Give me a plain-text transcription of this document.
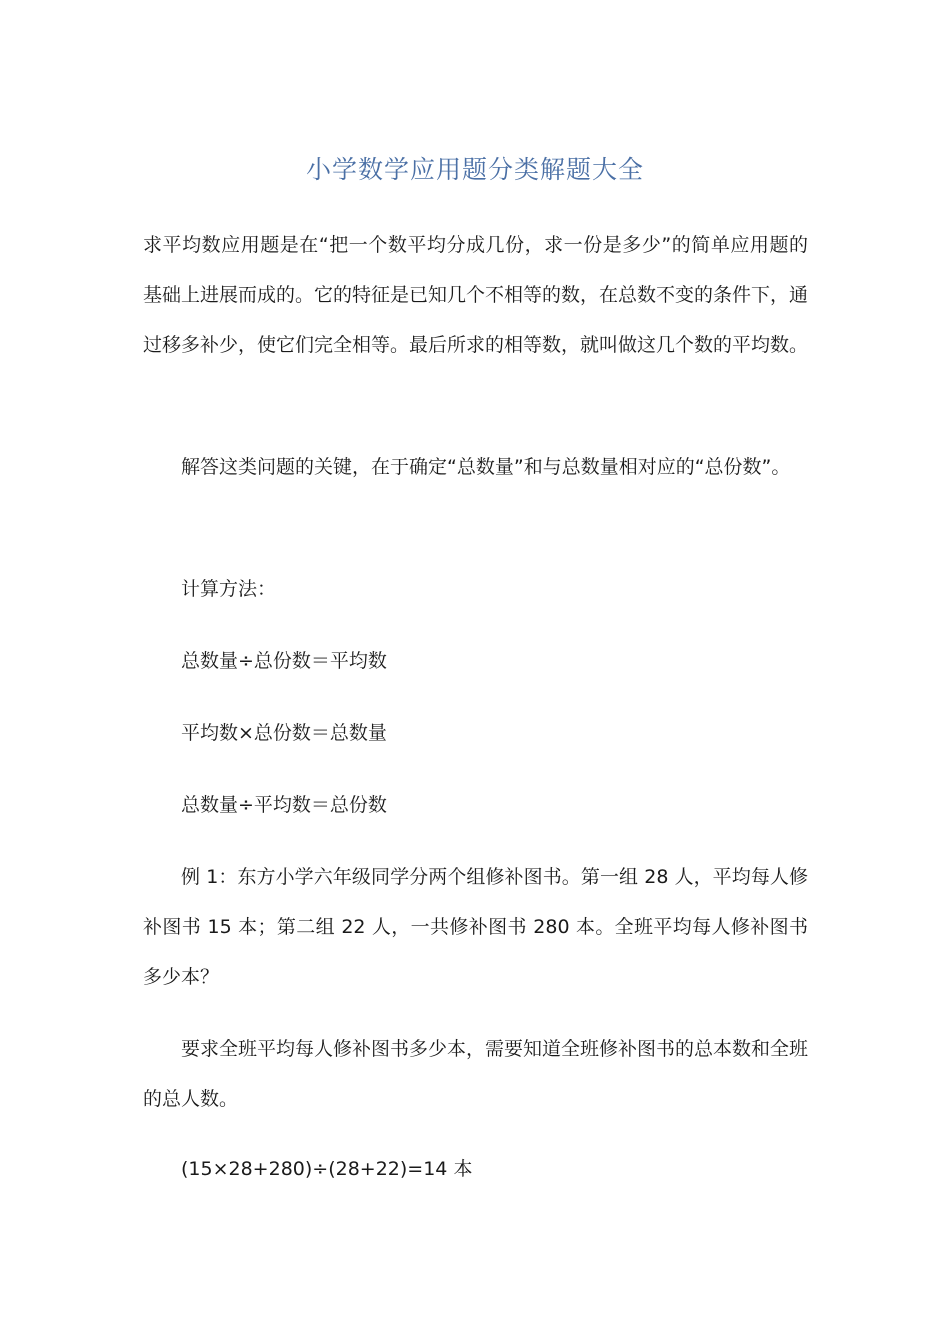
小学数学应用题分类解题大全

求平均数应用题是在“把一个数平均分成几份，求一份是多少”的简单应用题的基础上进展而成的。它的特征是已知几个不相等的数，在总数不变的条件下，通过移多补少，使它们完全相等。最后所求的相等数，就叫做这几个数的平均数。

解答这类问题的关键，在于确定“总数量”和与总数量相对应的“总份数”。

计算方法：

总数量÷总份数＝平均数

平均数×总份数＝总数量

总数量÷平均数＝总份数

例 1：东方小学六年级同学分两个组修补图书。第一组 28 人，平均每人修补图书 15 本；第二组 22 人，一共修补图书 280 本。全班平均每人修补图书多少本？

要求全班平均每人修补图书多少本，需要知道全班修补图书的总本数和全班的总人数。

(15×28+280)÷(28+22)=14 本
